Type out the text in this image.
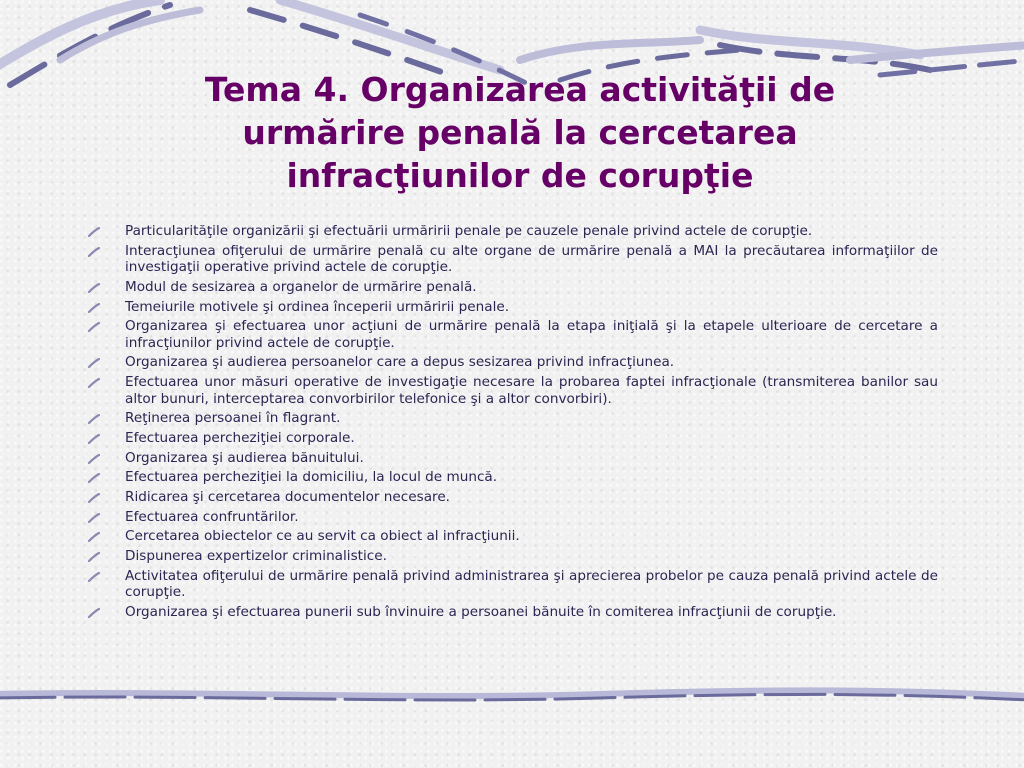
Tema 4. Organizarea activităţii de urmărire penală la cercetarea infracţiunilor de corupţie
Particularităţile organizării şi efectuării urmăririi penale pe cauzele penale privind actele de corupţie.
Interacţiunea ofiţerului de urmărire penală cu alte organe de urmărire penală a MAI la precăutarea informaţiilor de investigaţii operative privind actele de corupţie.
Modul de sesizarea a organelor de urmărire penală.
Temeiurile motivele şi ordinea începerii urmăririi penale.
Organizarea şi efectuarea unor acţiuni de urmărire penală la etapa iniţială şi la etapele ulterioare de cercetare a infracţiunilor privind actele de corupţie.
Organizarea şi audierea persoanelor care a depus sesizarea privind infracţiunea.
Efectuarea unor măsuri operative de investigaţie necesare la probarea faptei infracţionale (transmiterea banilor sau altor bunuri, interceptarea convorbirilor telefonice şi a altor convorbiri).
Reţinerea persoanei în flagrant.
Efectuarea percheziţiei corporale.
Organizarea şi audierea bănuitului.
Efectuarea percheziţiei la domiciliu, la locul de muncă.
Ridicarea şi cercetarea documentelor necesare.
Efectuarea confruntărilor.
Cercetarea obiectelor ce au servit ca obiect al infracţiunii.
Dispunerea expertizelor criminalistice.
Activitatea ofiţerului de urmărire penală privind administrarea şi aprecierea probelor pe cauza penală privind actele de corupţie.
Organizarea şi efectuarea punerii sub învinuire a persoanei bănuite în comiterea infracţiunii de corupţie.
